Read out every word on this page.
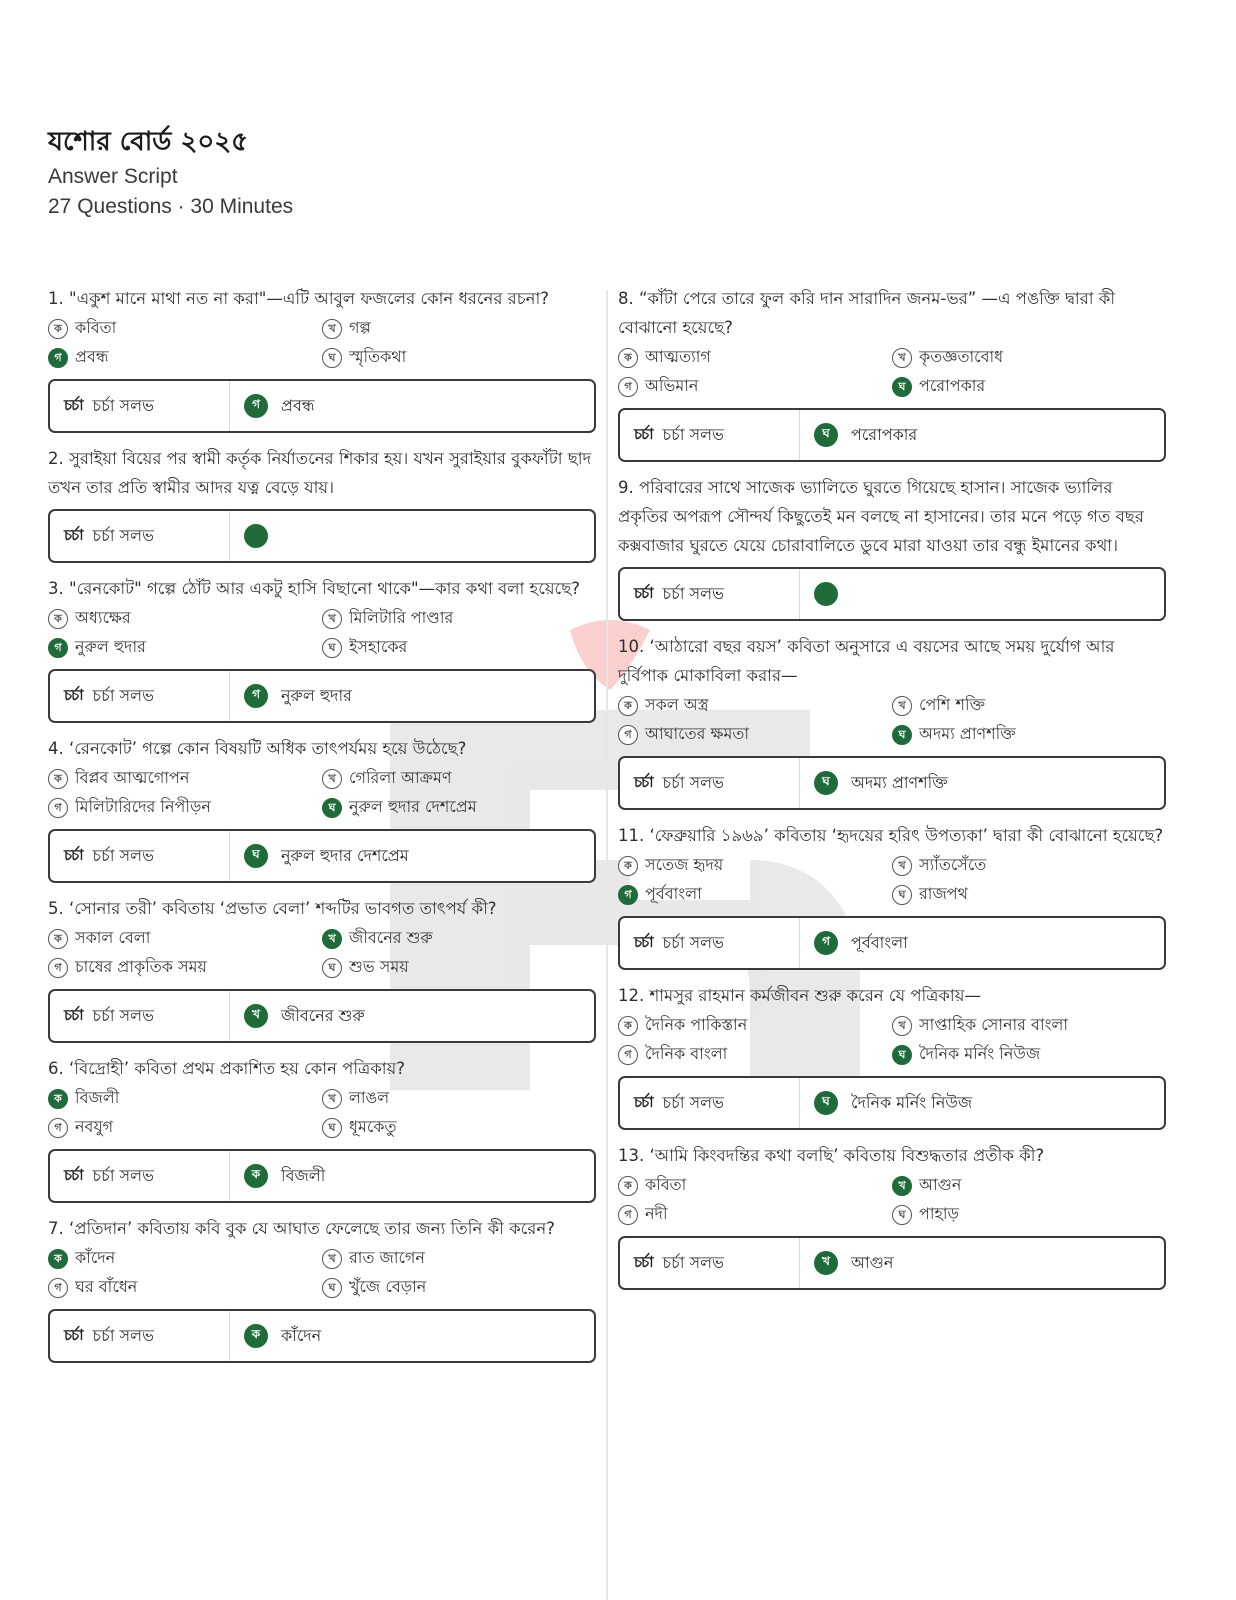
যশোর বোর্ড ২০২৫
Answer Script
27 Questions · 30 Minutes
1. "একুশ মানে মাথা নত না করা"—এটি আবুল ফজলের কোন ধরনের রচনা?
ক কবিতা	খ গল্প
গ প্রবন্ধ	ঘ স্মৃতিকথা
চর্চা চর্চা সলভ	গ	প্রবন্ধ
2. সুরাইয়া বিয়ের পর স্বামী কর্তৃক নির্যাতনের শিকার হয়। যখন সুরাইয়ার বুকফাঁটা ছাদ তখন তার প্রতি স্বামীর আদর যত্ন বেড়ে যায়।
চর্চা চর্চা সলভ
3. "রেনকোট" গল্পে ঠোঁট আর একটু হাসি বিছানো থাকে"—কার কথা বলা হয়েছে?
ক অধ্যক্ষের	খ মিলিটারি পাণ্ডার
গ নুরুল হুদার	ঘ ইসহাকের
চর্চা চর্চা সলভ	গ	নুরুল হুদার
4. ‘রেনকোট’ গল্পে কোন বিষয়টি অধিক তাৎপর্যময় হয়ে উঠেছে?
ক বিপ্লব আত্মগোপন	খ গেরিলা আক্রমণ
গ মিলিটারিদের নিপীড়ন	ঘ নুরুল হুদার দেশপ্রেম
চর্চা চর্চা সলভ	ঘ	নুরুল হুদার দেশপ্রেম
5. ‘সোনার তরী’ কবিতায় ‘প্রভাত বেলা’ শব্দটির ভাবগত তাৎপর্য কী?
ক সকাল বেলা	খ জীবনের শুরু
গ চাষের প্রাকৃতিক সময়	ঘ শুভ সময়
চর্চা চর্চা সলভ	খ	জীবনের শুরু
6. ‘বিদ্রোহী’ কবিতা প্রথম প্রকাশিত হয় কোন পত্রিকায়?
ক বিজলী	খ লাঙল
গ নবযুগ	ঘ ধূমকেতু
চর্চা চর্চা সলভ	ক	বিজলী
7. ‘প্রতিদান’ কবিতায় কবি বুক যে আঘাত ফেলেছে তার জন্য তিনি কী করেন?
ক কাঁদেন	খ রাত জাগেন
গ ঘর বাঁধেন	ঘ খুঁজে বেড়ান
চর্চা চর্চা সলভ	ক	কাঁদেন
8. “কাঁটা পেরে তারে ফুল করি দান সারাদিন জনম-ভর” —এ পঙক্তি দ্বারা কী বোঝানো হয়েছে?
ক আত্মত্যাগ	খ কৃতজ্ঞতাবোধ
গ অভিমান	ঘ পরোপকার
চর্চা চর্চা সলভ	ঘ	পরোপকার
9. পরিবারের সাথে সাজেক ভ্যালিতে ঘুরতে গিয়েছে হাসান। সাজেক ভ্যালির প্রকৃতির অপরূপ সৌন্দর্য কিছুতেই মন বলছে না হাসানের। তার মনে পড়ে গত বছর কক্সবাজার ঘুরতে যেয়ে চোরাবালিতে ডুবে মারা যাওয়া তার বন্ধু ইমানের কথা।
চর্চা চর্চা সলভ
10. ‘আঠারো বছর বয়স’ কবিতা অনুসারে এ বয়সের আছে সময় দুর্যোগ আর দুর্বিপাক মোকাবিলা করার—
ক সকল অস্ত্র	খ পেশি শক্তি
গ আঘাতের ক্ষমতা	ঘ অদম্য প্রাণশক্তি
চর্চা চর্চা সলভ	ঘ	অদম্য প্রাণশক্তি
11. ‘ফেব্রুয়ারি ১৯৬৯’ কবিতায় ‘হৃদয়ের হরিৎ উপত্যকা’ দ্বারা কী বোঝানো হয়েছে?
ক সতেজ হৃদয়	খ স্যাঁতসেঁতে
গ পূর্ববাংলা	ঘ রাজপথ
চর্চা চর্চা সলভ	গ	পূর্ববাংলা
12. শামসুর রাহমান কর্মজীবন শুরু করেন যে পত্রিকায়—
ক দৈনিক পাকিস্তান	খ সাপ্তাহিক সোনার বাংলা
গ দৈনিক বাংলা	ঘ দৈনিক মর্নিং নিউজ
চর্চা চর্চা সলভ	ঘ	দৈনিক মর্নিং নিউজ
13. ‘আমি কিংবদন্তির কথা বলছি’ কবিতায় বিশুদ্ধতার প্রতীক কী?
ক কবিতা	খ আগুন
গ নদী	ঘ পাহাড়
চর্চা চর্চা সলভ	খ	আগুন
